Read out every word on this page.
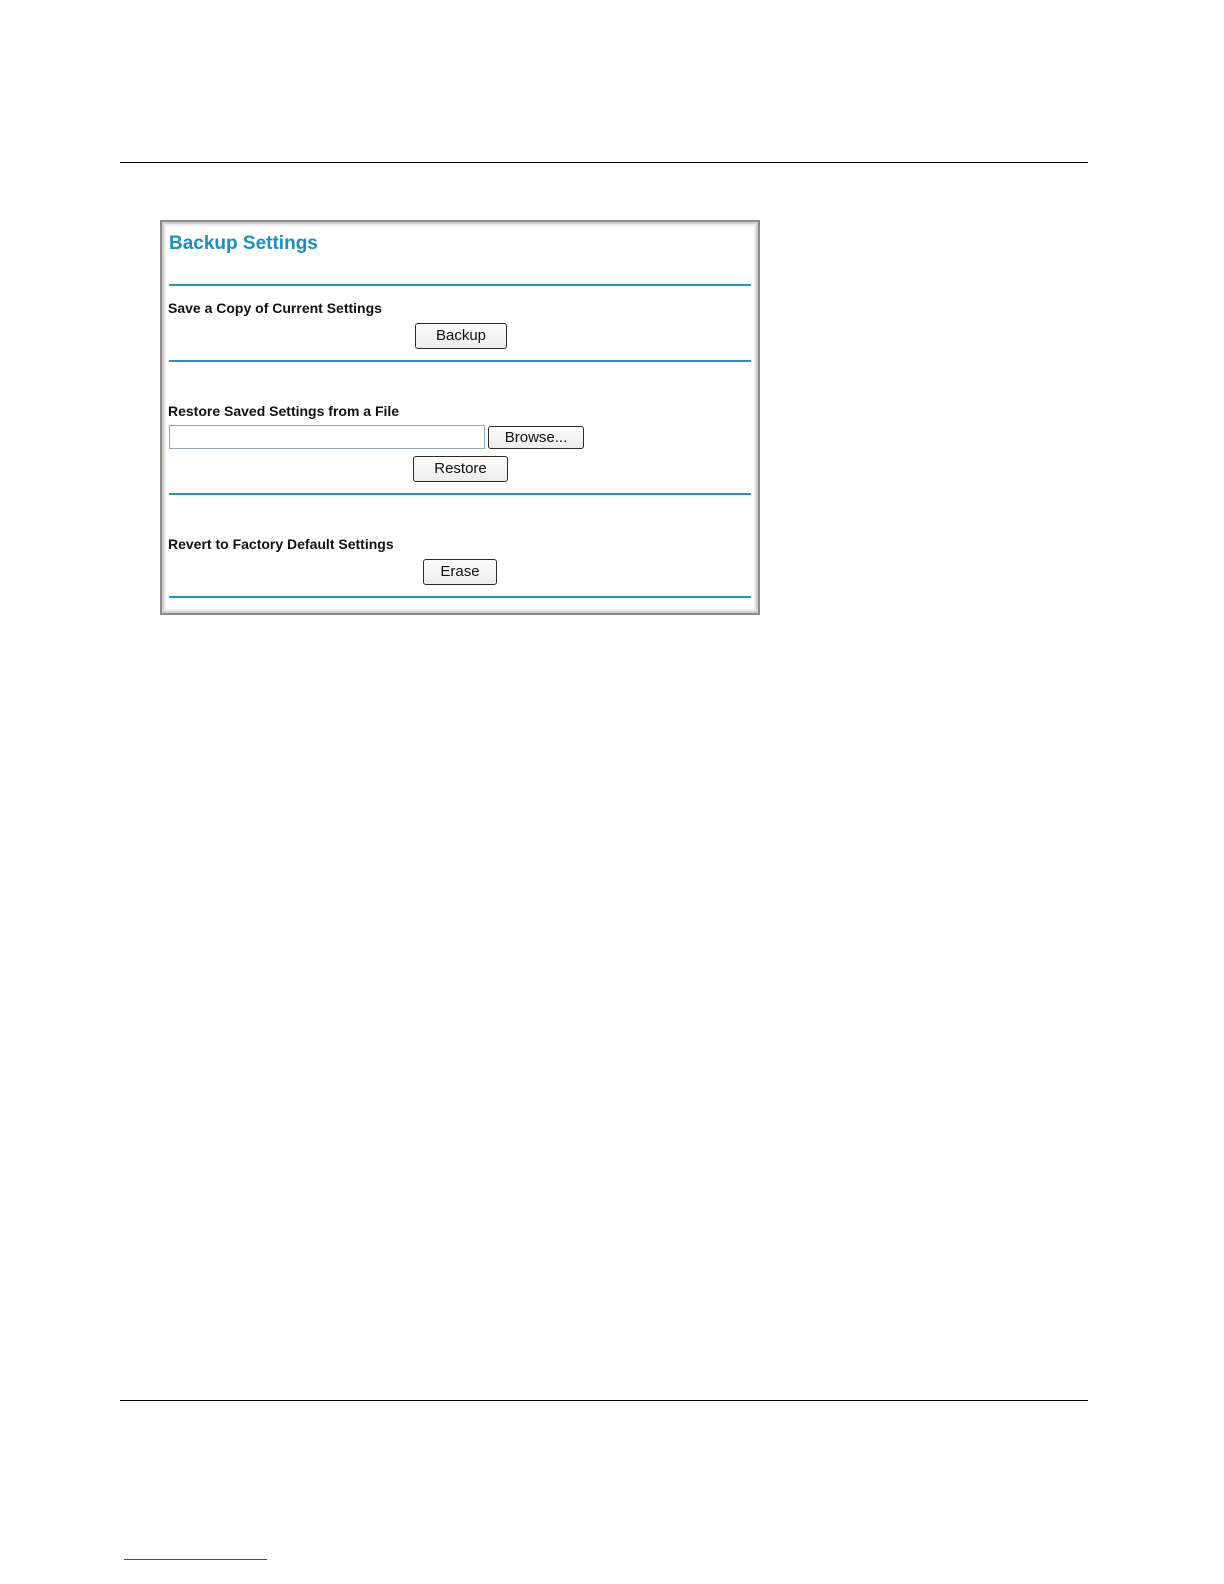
Backup Settings
Save a Copy of Current Settings
Backup
Restore Saved Settings from a File
Browse...
Restore
Revert to Factory Default Settings
Erase
